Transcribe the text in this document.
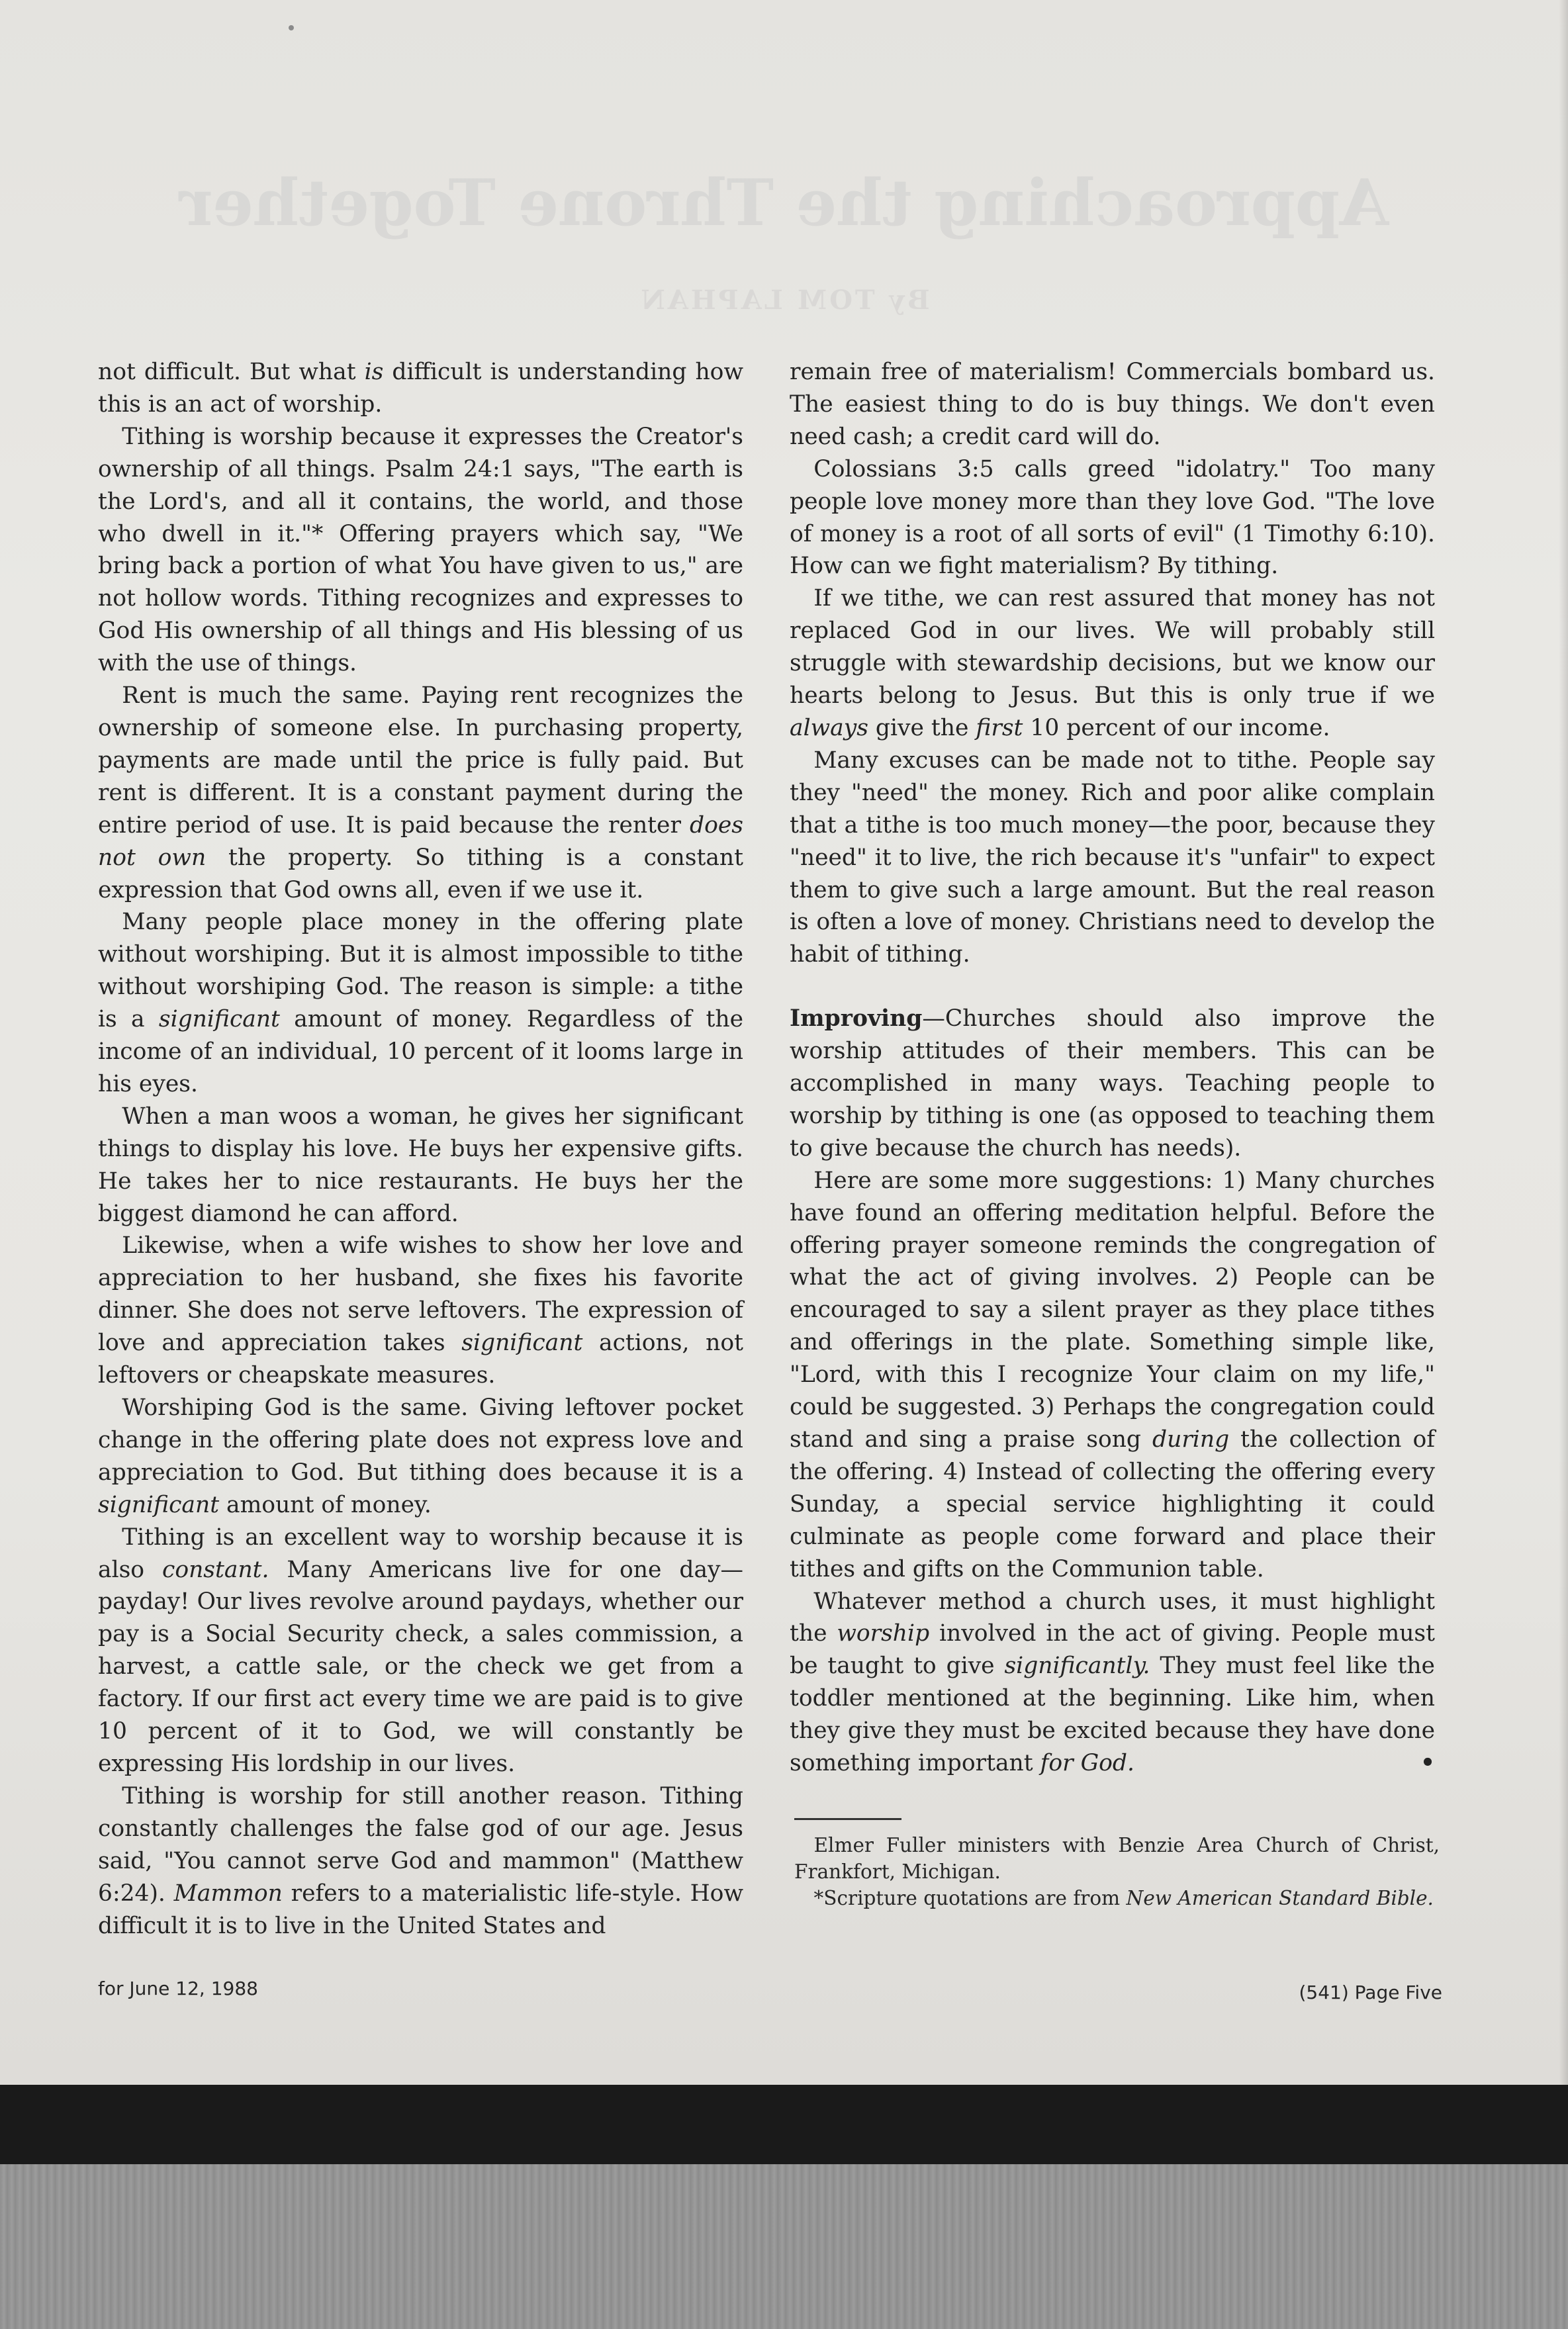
Approaching the Throne Together
By TOM LAPHAN

not difficult. But what is difficult is understanding how this is an act of worship.

Tithing is worship because it expresses the Creator's ownership of all things. Psalm 24:1 says, "The earth is the Lord's, and all it contains, the world, and those who dwell in it."* Offering prayers which say, "We bring back a portion of what You have given to us," are not hollow words. Tithing recognizes and expresses to God His ownership of all things and His blessing of us with the use of things.

Rent is much the same. Paying rent recognizes the ownership of someone else. In purchasing property, payments are made until the price is fully paid. But rent is different. It is a constant payment during the entire period of use. It is paid because the renter does not own the property. So tithing is a constant expression that God owns all, even if we use it.

Many people place money in the offering plate without worshiping. But it is almost impossible to tithe without worshiping God. The reason is simple: a tithe is a significant amount of money. Regardless of the income of an individual, 10 percent of it looms large in his eyes.

When a man woos a woman, he gives her significant things to display his love. He buys her expensive gifts. He takes her to nice restaurants. He buys her the biggest diamond he can afford.

Likewise, when a wife wishes to show her love and appreciation to her husband, she fixes his favorite dinner. She does not serve leftovers. The expression of love and appreciation takes significant actions, not leftovers or cheapskate measures.

Worshiping God is the same. Giving leftover pocket change in the offering plate does not express love and appreciation to God. But tithing does because it is a significant amount of money.

Tithing is an excellent way to worship because it is also constant. Many Americans live for one day—payday! Our lives revolve around paydays, whether our pay is a Social Security check, a sales commission, a harvest, a cattle sale, or the check we get from a factory. If our first act every time we are paid is to give 10 percent of it to God, we will constantly be expressing His lordship in our lives.

Tithing is worship for still another reason. Tithing constantly challenges the false god of our age. Jesus said, "You cannot serve God and mammon" (Matthew 6:24). Mammon refers to a materialistic life-style. How difficult it is to live in the United States and

remain free of materialism! Commercials bombard us. The easiest thing to do is buy things. We don't even need cash; a credit card will do.

Colossians 3:5 calls greed "idolatry." Too many people love money more than they love God. "The love of money is a root of all sorts of evil" (1 Timothy 6:10). How can we fight materialism? By tithing.

If we tithe, we can rest assured that money has not replaced God in our lives. We will probably still struggle with stewardship decisions, but we know our hearts belong to Jesus. But this is only true if we always give the first 10 percent of our income.

Many excuses can be made not to tithe. People say they "need" the money. Rich and poor alike complain that a tithe is too much money—the poor, because they "need" it to live, the rich because it's "unfair" to expect them to give such a large amount. But the real reason is often a love of money. Christians need to develop the habit of tithing.

Improving—Churches should also improve the worship attitudes of their members. This can be accomplished in many ways. Teaching people to worship by tithing is one (as opposed to teaching them to give because the church has needs).

Here are some more suggestions: 1) Many churches have found an offering meditation helpful. Before the offering prayer someone reminds the congregation of what the act of giving involves. 2) People can be encouraged to say a silent prayer as they place tithes and offerings in the plate. Something simple like, "Lord, with this I recognize Your claim on my life," could be suggested. 3) Perhaps the congregation could stand and sing a praise song during the collection of the offering. 4) Instead of collecting the offering every Sunday, a special service highlighting it could culminate as people come forward and place their tithes and gifts on the Communion table.

Whatever method a church uses, it must highlight the worship involved in the act of giving. People must be taught to give significantly. They must feel like the toddler mentioned at the beginning. Like him, when they give they must be excited because they have done something important for God.	•

Elmer Fuller ministers with Benzie Area Church of Christ, Frankfort, Michigan.

*Scripture quotations are from New American Standard Bible.

for June 12, 1988	(541) Page Five
